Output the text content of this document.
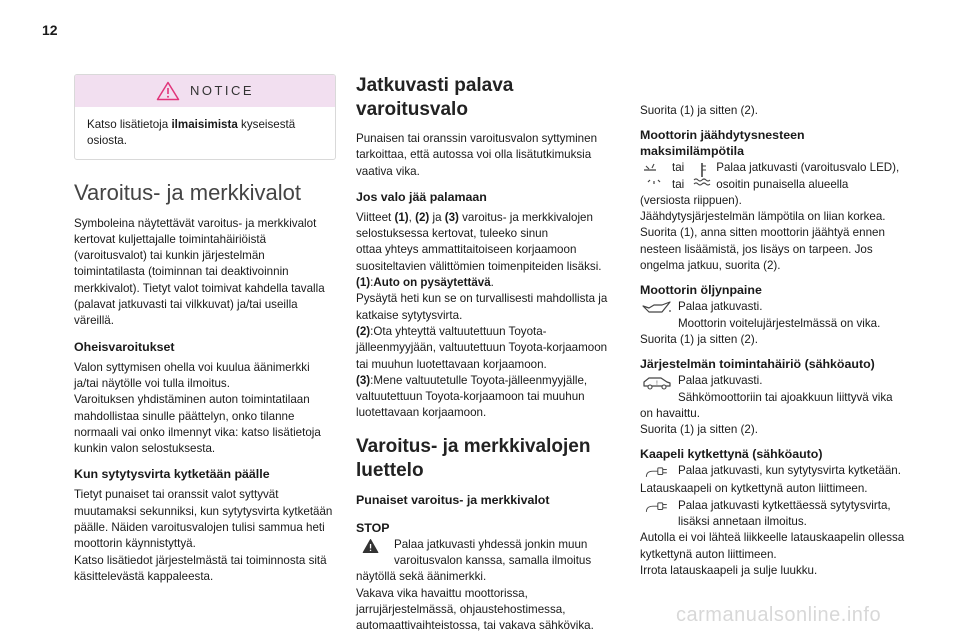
12
NOTICE
Katso lisätietoja ilmaisimista kyseisestä osiosta.
Varoitus- ja merkkivalot

Symboleina näytettävät varoitus- ja merkkivalot kertovat kuljettajalle toimintahäiriöistä (varoitusvalot) tai kunkin järjestelmän toimintatilasta (toiminnan tai deaktivoinnin merkkivalot). Tietyt valot toimivat kahdella tavalla (palavat jatkuvasti tai vilkkuvat) ja/tai useilla väreillä.

Oheisvaroitukset

Valon syttymisen ohella voi kuulua äänimerkki ja/tai näytölle voi tulla ilmoitus.

Varoituksen yhdistäminen auton toimintatilaan mahdollistaa sinulle päättelyn, onko tilanne normaali vai onko ilmennyt vika: katso lisätietoja kunkin valon selostuksesta.

Kun sytytysvirta kytketään päälle

Tietyt punaiset tai oranssit valot syttyvät muutamaksi sekunniksi, kun sytytysvirta kytketään päälle. Näiden varoitusvalojen tulisi sammua heti moottorin käynnistyttyä.

Katso lisätiedot järjestelmästä tai toiminnosta sitä käsittelevästä kappaleesta.

Jatkuvasti palava varoitusvalo

Punaisen tai oranssin varoitusvalon syttyminen tarkoittaa, että autossa voi olla lisätutkimuksia vaativa vika.

Jos valo jää palamaan

Viitteet (1), (2) ja (3) varoitus- ja merkkivalojen selostuksessa kertovat, tuleeko sinun

ottaa yhteys ammattitaitoiseen korjaamoon suositeltavien välittömien toimenpiteiden lisäksi.

(1):Auto on pysäytettävä.

Pysäytä heti kun se on turvallisesti mahdollista ja katkaise sytytysvirta.

(2):Ota yhteyttä valtuutettuun Toyota-jälleenmyyjään, valtuutettuun Toyota-korjaamoon tai muuhun luotettavaan korjaamoon.

(3):Mene valtuutetulle Toyota-jälleenmyyjälle, valtuutettuun Toyota-korjaamoon tai muuhun luotettavaan korjaamoon.

Varoitus- ja merkkivalojen luettelo
Punaiset varoitus- ja merkkivalot
STOP

Palaa jatkuvasti yhdessä jonkin muun varoitusvalon kanssa, samalla ilmoitus

näytöllä sekä äänimerkki.

Vakava vika havaittu moottorissa, jarrujärjestelmässä, ohjaustehostimessa, automaattivaihteistossa, tai vakava sähkövika.

Suorita (1) ja sitten (2).

Moottorin jäähdytysnesteen maksimilämpötila
tai
tai

Palaa jatkuvasti (varoitusvalo LED), osoitin punaisella alueella

(versiosta riippuen).

Jäähdytysjärjestelmän lämpötila on liian korkea.

Suorita (1), anna sitten moottorin jäähtyä ennen nesteen lisäämistä, jos lisäys on tarpeen. Jos ongelma jatkuu, suorita (2).

Moottorin öljynpaine

Palaa jatkuvasti.

Moottorin voitelujärjestelmässä on vika.

Suorita (1) ja sitten (2).

Järjestelmän toimintahäiriö (sähköauto)
! Palaa jatkuvasti.

Sähkömoottoriin tai ajoakkuun liittyvä vika

on havaittu.

Suorita (1) ja sitten (2).

Kaapeli kytkettynä (sähköauto)

Palaa jatkuvasti, kun sytytysvirta kytketään.

Latauskaapeli on kytkettynä auton liittimeen.

Palaa jatkuvasti kytkettäessä sytytysvirta, lisäksi annetaan ilmoitus.

Autolla ei voi lähteä liikkeelle latauskaapelin ollessa kytkettynä auton liittimeen.

Irrota latauskaapeli ja sulje luukku.

carmanualsonline.info
